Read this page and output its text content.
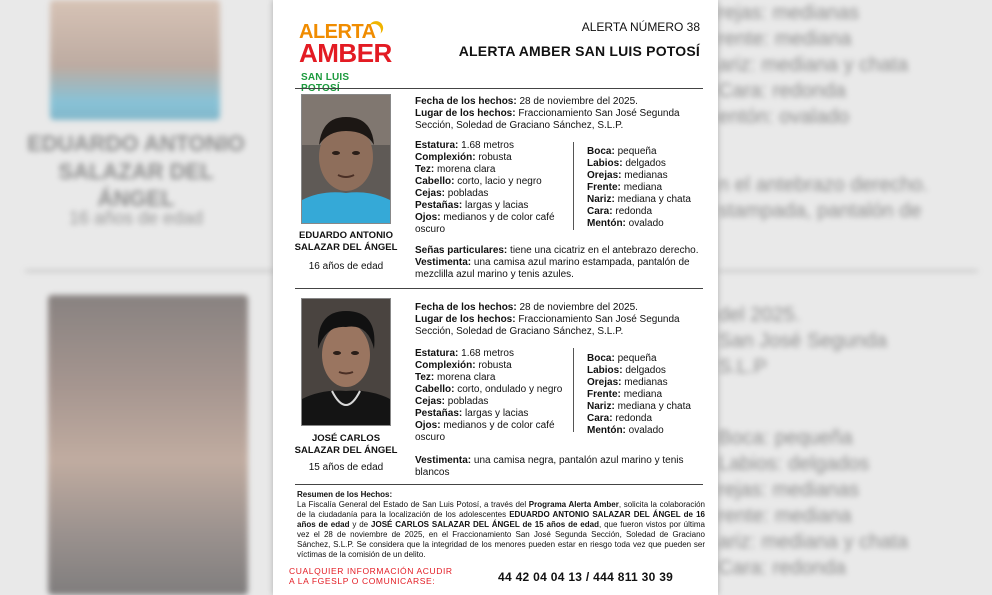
EDUARDO ANTONIO SALAZAR DEL ÁNGEL
16 años de edad
rejas: medianas
rente: mediana
ariz: mediana y chata
Cara: redonda
entón: ovalado
n el antebrazo derecho.
stampada, pantalón de
del 2025.
San José Segunda
S.L.P
Boca: pequeña
Labios: delgados
rejas: medianas
rente: mediana
ariz: mediana y chata
Cara: redonda
ALERTA
AMBER
SAN LUIS
ALERTA NÚMERO 38
ALERTA AMBER SAN LUIS POTOSÍ
EDUARDO ANTONIO
SALAZAR DEL ÁNGEL
16 años de edad
Fecha de los hechos: 28 de noviembre del 2025.
Lugar de los hechos: Fraccionamiento San José Segunda
Sección, Soledad de Graciano Sánchez, S.L.P.
Estatura: 1.68 metros
Complexión: robusta
Tez: morena clara
Cabello: corto, lacio y negro
Cejas: pobladas
Pestañas: largas y lacias
Ojos: medianos y de color café
oscuro
Boca: pequeña
Labios: delgados
Orejas: medianas
Frente: mediana
Nariz: mediana y chata
Cara: redonda
Mentón: ovalado
Señas particulares: tiene una cicatriz en el antebrazo derecho.
Vestimenta: una camisa azul marino estampada, pantalón de
mezclilla azul marino y tenis azules.
JOSÉ CARLOS
SALAZAR DEL ÁNGEL
15 años de edad
Fecha de los hechos: 28 de noviembre del 2025.
Lugar de los hechos: Fraccionamiento San José Segunda
Sección, Soledad de Graciano Sánchez, S.L.P.
Estatura: 1.68 metros
Complexión: robusta
Tez: morena clara
Cabello: corto, ondulado y negro
Cejas: pobladas
Pestañas: largas y lacias
Ojos: medianos y de color café
oscuro
Boca: pequeña
Labios: delgados
Orejas: medianas
Frente: mediana
Nariz: mediana y chata
Cara: redonda
Mentón: ovalado
Vestimenta: una camisa negra, pantalón azul marino y tenis
blancos
Resumen de los Hechos:
La Fiscalía General del Estado de San Luis Potosí, a través del Programa Alerta Amber, solicita la colaboración de la ciudadanía para la localización de los adolescentes EDUARDO ANTONIO SALAZAR DEL ÁNGEL de 16 años de edad y de JOSÉ CARLOS SALAZAR DEL ÁNGEL de 15 años de edad, que fueron vistos por última vez el 28 de noviembre de 2025, en el Fraccionamiento San José Segunda Sección, Soledad de Graciano Sánchez, S.L.P. Se considera que la integridad de los menores pueden estar en riesgo toda vez que pueden ser víctimas de la comisión de un delito.
CUALQUIER INFORMACIÓN ACUDIR A LA FGESLP O COMUNICARSE:	44 42 04 04 13 / 444 811 30 39
